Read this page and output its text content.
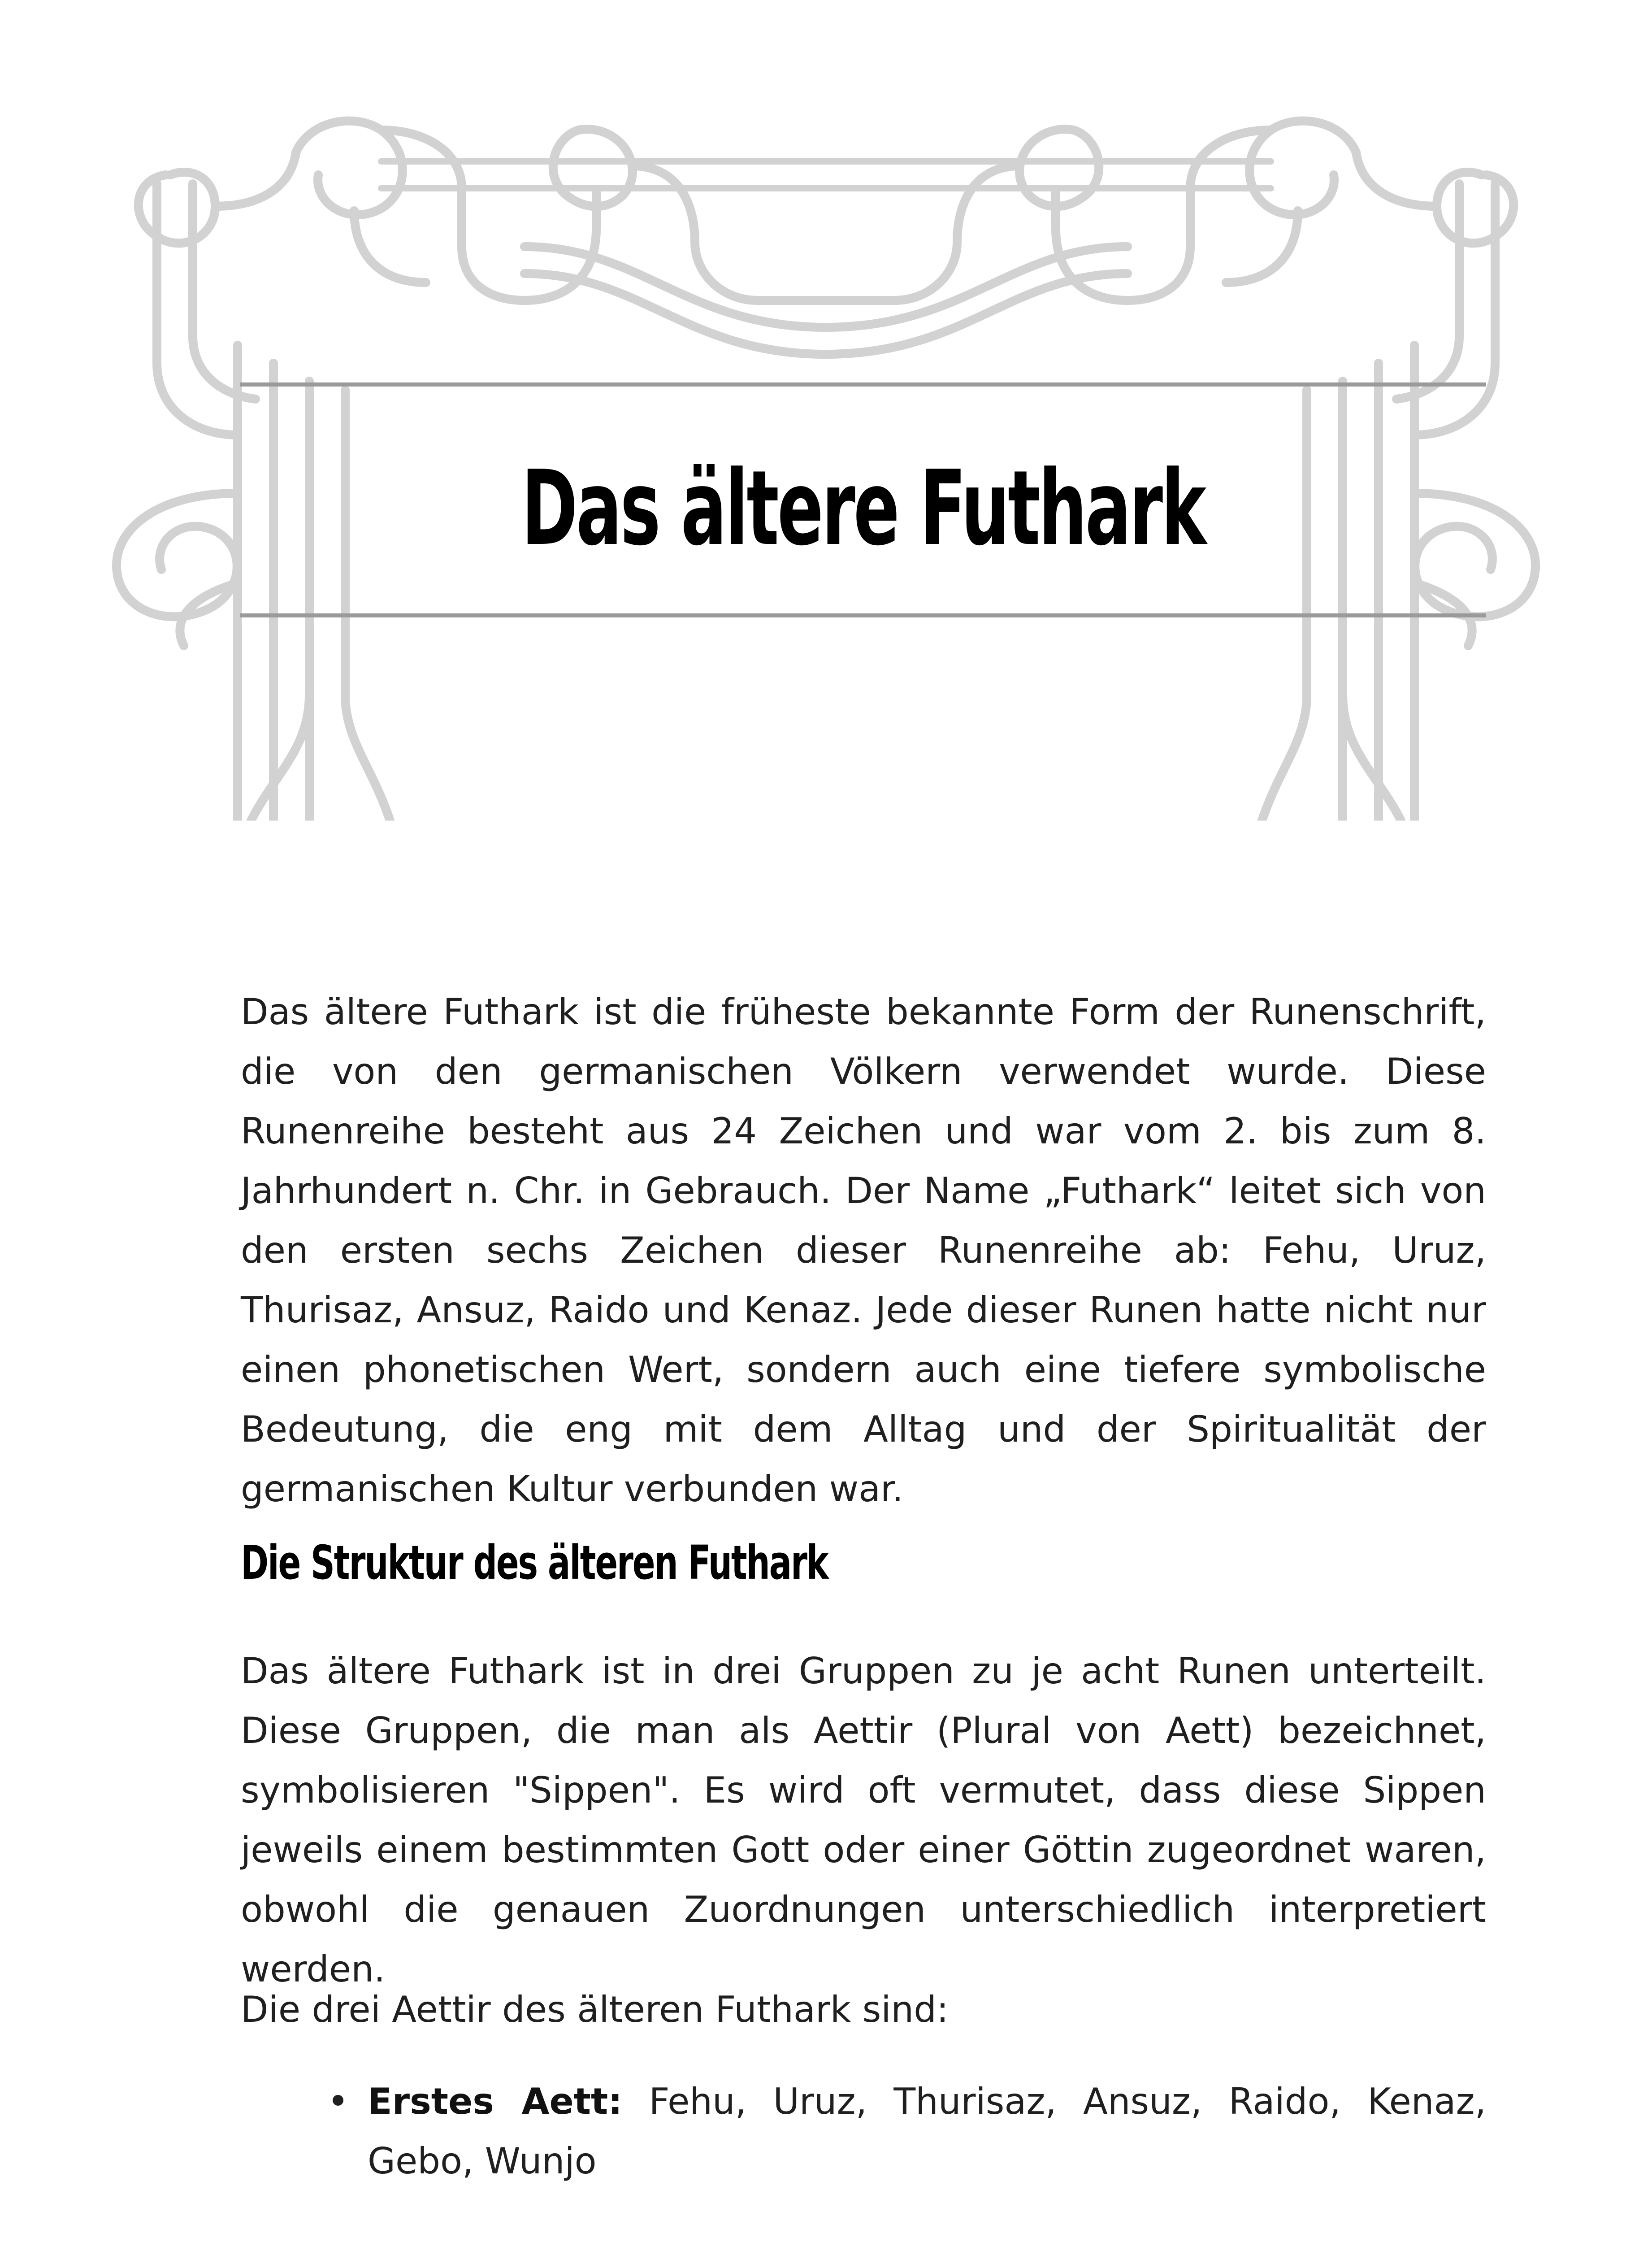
Das ältere Futhark

Das ältere Futhark ist die früheste bekannte Form der Runenschrift, die von den germanischen Völkern verwendet wurde. Diese Runenreihe besteht aus 24 Zeichen und war vom 2. bis zum 8. Jahrhundert n. Chr. in Gebrauch. Der Name „Futhark“ leitet sich von den ersten sechs Zeichen dieser Runenreihe ab: Fehu, Uruz, Thurisaz, Ansuz, Raido und Kenaz. Jede dieser Runen hatte nicht nur einen phonetischen Wert, sondern auch eine tiefere symbolische Bedeutung, die eng mit dem Alltag und der Spiritualität der germanischen Kultur verbunden war.

Die Struktur des älteren Futhark

Das ältere Futhark ist in drei Gruppen zu je acht Runen unterteilt. Diese Gruppen, die man als Aettir (Plural von Aett) bezeichnet, symbolisieren "Sippen". Es wird oft vermutet, dass diese Sippen jeweils einem bestimmten Gott oder einer Göttin zugeordnet waren, obwohl die genauen Zuordnungen unterschiedlich interpretiert werden.

Die drei Aettir des älteren Futhark sind:

Erstes Aett: Fehu, Uruz, Thurisaz, Ansuz, Raido, Kenaz, Gebo, Wunjo
